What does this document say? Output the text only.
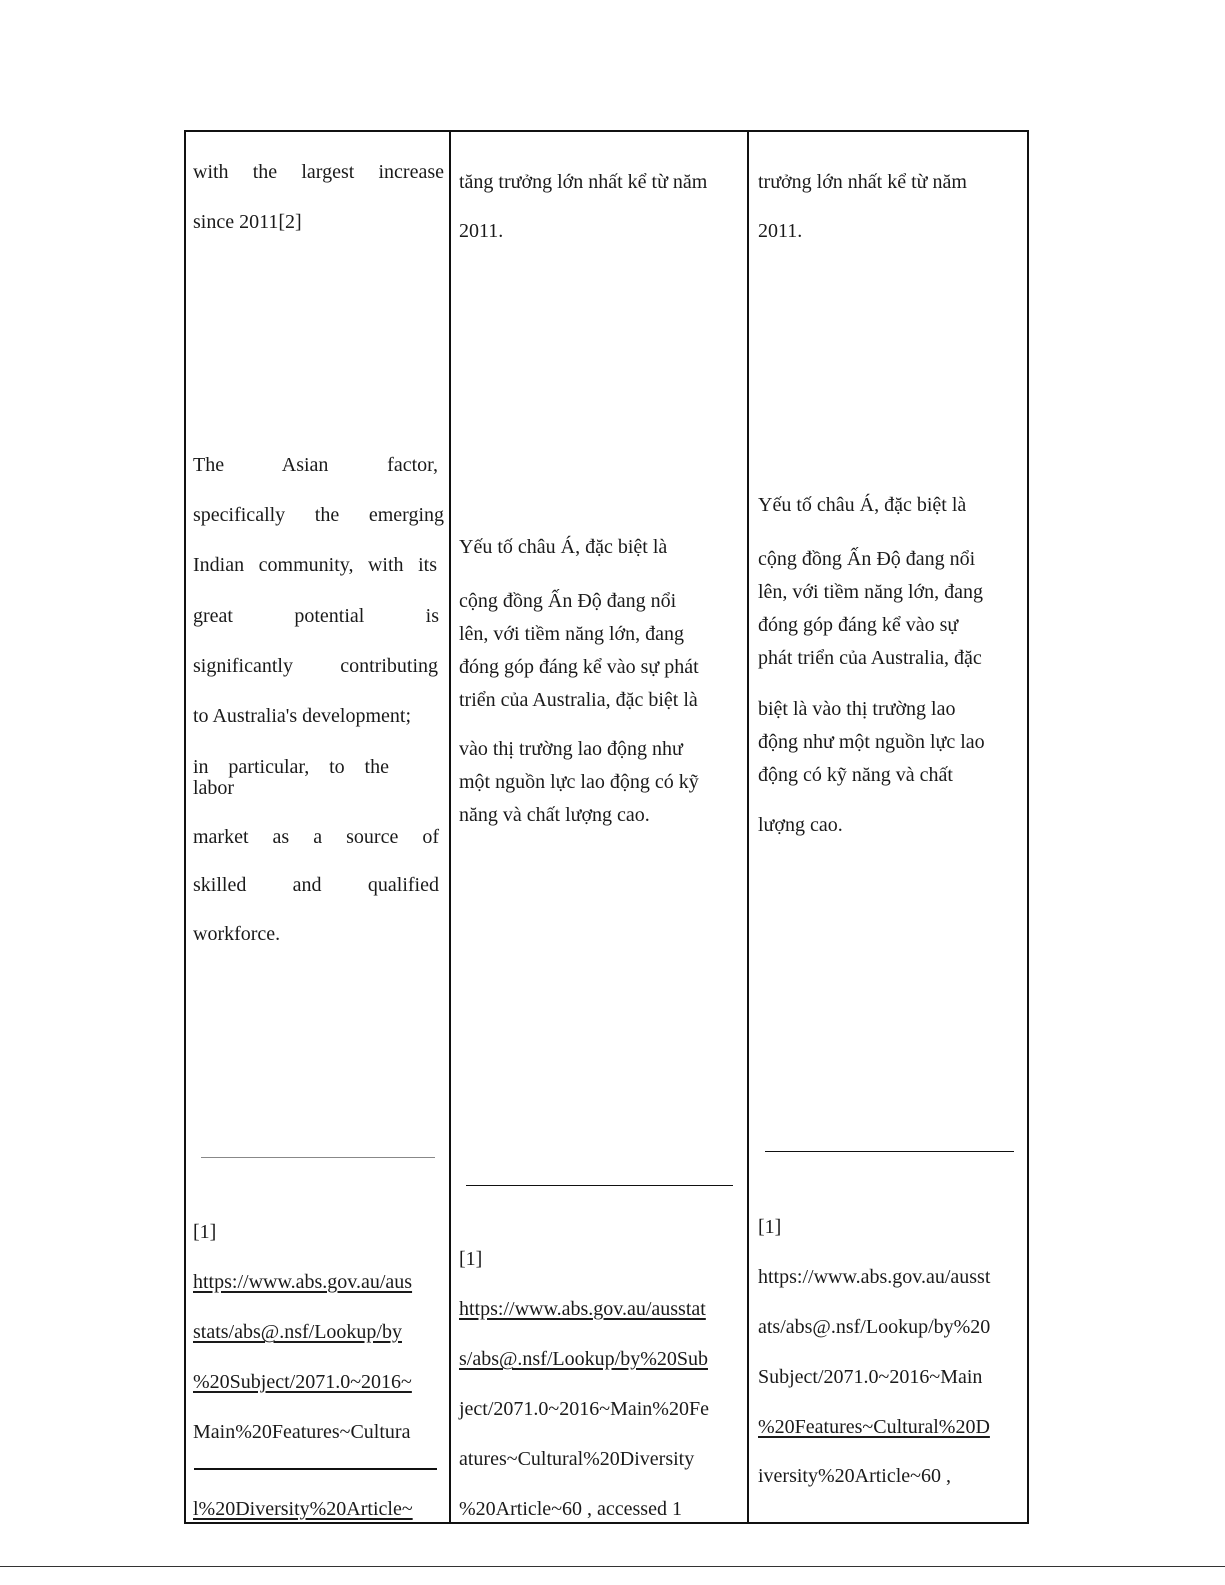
with the largest increase
since 2011[2]
The Asian factor,
specifically the emerging
Indian community, with its
great potential is
significantly contributing
to Australia's development;
in particular, to the
labor
market as a source of
skilled and qualified
workforce.
[1]
https://www.abs.gov.au/aus
stats/abs@.nsf/Lookup/by
%20Subject/2071.0~2016~
Main%20Features~Cultura
l%20Diversity%20Article~
tăng trưởng lớn nhất kể từ năm
2011.
Yếu tố châu Á, đặc biệt là
cộng đồng Ấn Độ đang nổi
lên, với tiềm năng lớn, đang
đóng góp đáng kể vào sự phát
triển của Australia, đặc biệt là
vào thị trường lao động như
một nguồn lực lao động có kỹ
năng và chất lượng cao.
[1]
https://www.abs.gov.au/ausstat
s/abs@.nsf/Lookup/by%20Sub
ject/2071.0~2016~Main%20Fe
atures~Cultural%20Diversity
%20Article~60 , accessed 1
trưởng lớn nhất kể từ năm
2011.
Yếu tố châu Á, đặc biệt là
cộng đồng Ấn Độ đang nổi
lên, với tiềm năng lớn, đang
đóng góp đáng kể vào sự
phát triển của Australia, đặc
biệt là vào thị trường lao
động như một nguồn lực lao
động có kỹ năng và chất
lượng cao.
[1]
https://www.abs.gov.au/ausst
ats/abs@.nsf/Lookup/by%20
Subject/2071.0~2016~Main
%20Features~Cultural%20D
iversity%20Article~60 ,
